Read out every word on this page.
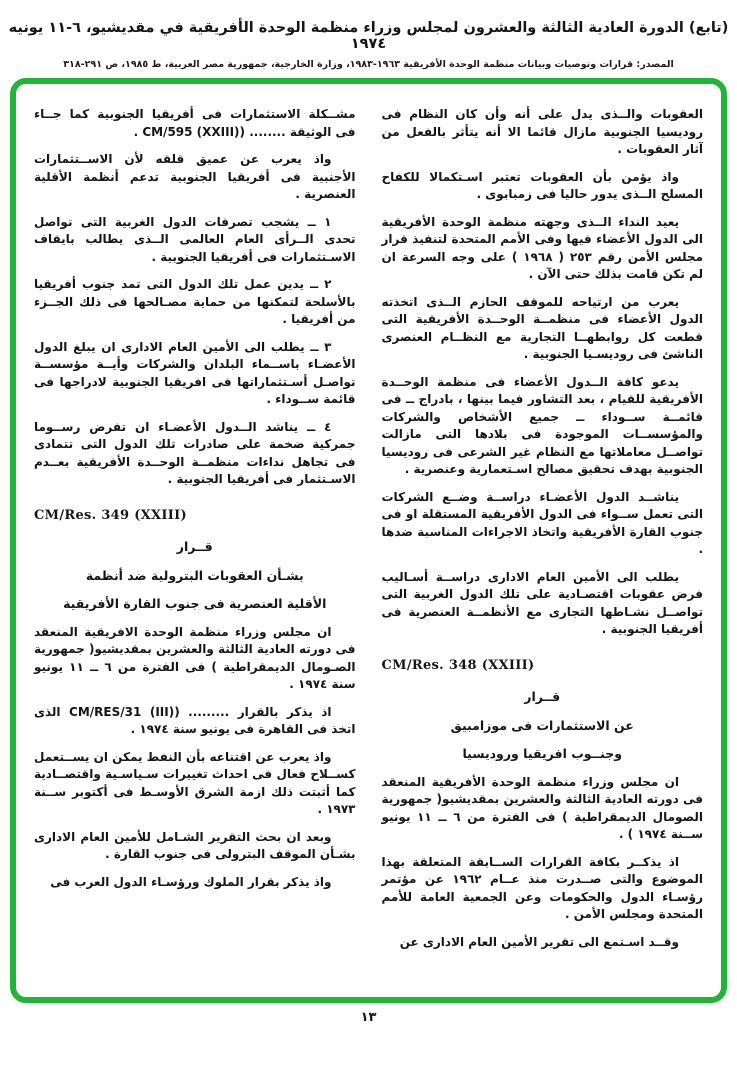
(تابع) الدورة العادية الثالثة والعشرون لمجلس وزراء منظمة الوحدة الأفريقية في مقديشيو، ٦-١١ يونيه ١٩٧٤
المصدر: قرارات وتوصيات وبيانات منظمة الوحدة الأفريقية ١٩٦٣-١٩٨٣، وزارة الخارجية، جمهورية مصر العربية، ط ١٩٨٥، ص ٢٩١-٣١٨

العقوبات والــذى يدل على أنه وأن كان النظام فى روديسيا الجنوبية مازال قائما الا أنه يتأثر بالفعل من آثار العقوبات .

واذ يؤمن بأن العقوبات تعتبر اسـتكمالا للكفاح المسلح الــذى يدور حاليا فى زمبابوى .

يعيد النداء الــذى وجهته منظمة الوحدة الأفريقية الى الدول الأعضاء فيها وفى الأمم المتحدة لتنفيذ قرار مجلس الأمن رقم ٢٥٣ ( ١٩٦٨ ) على وجه السرعة ان لم تكن قامت بذلك حتى الآن .

يعرب من ارتياحه للموقف الحازم الــذى اتخذته الدول الأعضاء فى منظمــة الوحــدة الأفريقية التى قطعت كل روابطهــا التجارية مع النظــام العنصرى الناشئ فى روديسـيا الجنوبية .

يدعو كافة الــدول الأعضاء فى منظمة الوحــدة الأفريقية للقيام ، بعد التشاور فيما بينها ، بادراج ــ فى قائمــة ســوداء ــ جميع الأشخاص والشركات والمؤسســات الموجودة فى بلادها التى مازالت تواصــل معاملاتها مع النظام غير الشرعى فى روديسيا الجنوبية بهدف تحقيق مصالح اسـتعمارية وعنصرية .

يناشــد الدول الأعضـاء دراســة وضــع الشركات التى تعمل ســواء فى الدول الأفريقية المستقلة او فى جنوب القارة الأفريقية واتخاذ الاجراءات المناسبة ضدها .

يطلب الى الأمين العام الادارى دراســة أسـاليب فرض عقوبات اقتصـادية على تلك الدول الغربية التى تواصــل نشـاطها التجارى مع الأنظمــة العنصرية فى أفريقيا الجنوبية .

CM/Res. 348 (XXIII)

قــرار

عن الاستثمارات فى موزامبيق

وجنــوب افريقيا وروديسيا

ان مجلس وزراء منظمة الوحدة الأفريقية المنعقد فى دورته العادية الثالثة والعشرين بمقديشيو( جمهورية الصومال الديمقراطية ) فى الفترة من ٦ ــ ١١ يونيو ســنة ١٩٧٤ ) .

اذ يذكــر بكافة القرارات الســابقة المتعلقة بهذا الموضوع والتى صــدرت منذ عــام ١٩٦٢ عن مؤتمر رؤسـاء الدول والحكومات وعن الجمعية العامة للأمم المتحدة ومجلس الأمن .

وقــد اسـتمع الى تقرير الأمين العام الادارى عن

مشــكلة الاستثمارات فى أفريقيا الجنوبية كما جــاء فى الوثيقة ........ (CM/595 (XXIII) .

واذ يعرب عن عميق قلقه لأن الاســتثمارات الأجنبية فى أفريقيا الجنوبية تدعم أنظمة الأقلية العنصرية .

١ ــ يشجب تصرفات الدول الغربية التى تواصل تحدى الــرأى العام العالمى الــذى يطالب بايقاف الاسـتثمارات فى أفريقيا الجنوبية .

٢ ــ يدين عمل تلك الدول التى تمد جنوب أفريقيا بالأسلحة لتمكنها من حماية مصـالحها فى ذلك الجــزء من أفريقيا .

٣ ــ يطلب الى الأمين العام الادارى ان يبلغ الدول الأعضـاء باســماء البلدان والشركات وأيــة مؤسســة تواصـل أسـتثماراتها فى افريقيا الجنوبية لادراجها فى قائمة ســوداء .

٤ ــ يناشد الــدول الأعضـاء ان تفرض رســوما جمركية ضخمة على صادرات تلك الدول التى تتمادى فى تجاهل نداءات منظمــة الوحــدة الأفريقية بعــدم الاسـتثمار فى أفريقيا الجنوبية .

CM/Res. 349 (XXIII)

قــرار

بشـأن العقوبات البترولية ضد أنظمة

الأقلية العنصرية فى جنوب القارة الأفريقية

ان مجلس وزراء منظمة الوحدة الافريقية المنعقد فى دورته العادية الثالثة والعشرين بمقديشيو( جمهورية الصـومال الديمقراطية ) فى الفترة من ٦ ــ ١١ يونيو سنة ١٩٧٤ .

اذ يذكر بالقرار ......... (CM/RES/31 (III) الذى اتخذ فى القاهرة فى يونيو سنة ١٩٧٤ .

واذ يعرب عن اقتناعه بأن النفط يمكن ان يســتعمل كســلاح فعال فى احداث تغييرات سـياسـية واقتصــادية كما أثبتت ذلك ازمة الشرق الأوسـط فى أكتوبر ســنة ١٩٧٣ .

وبعد ان بحث التقرير الشـامل للأمين العام الادارى بشـأن الموقف البترولى فى جنوب القارة .

واذ يذكر بقرار الملوك ورؤسـاء الدول العرب فى

١٣
